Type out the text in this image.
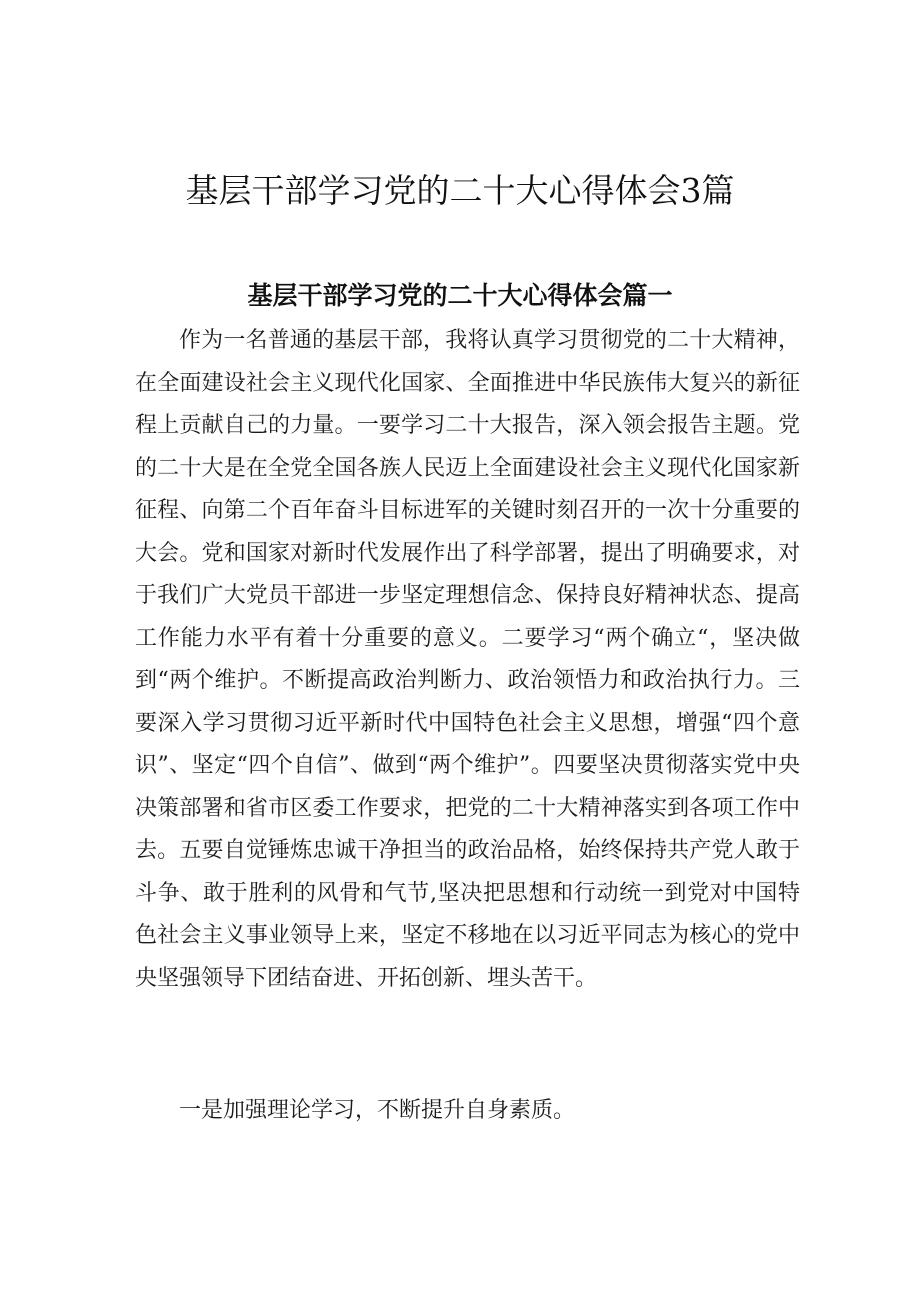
基层干部学习党的二十大心得体会3篇
基层干部学习党的二十大心得体会篇一

作为一名普通的基层干部，我将认真学习贯彻党的二十大精神，在全面建设社会主义现代化国家、全面推进中华民族伟大复兴的新征程上贡献自己的力量。一要学习二十大报告，深入领会报告主题。党的二十大是在全党全国各族人民迈上全面建设社会主义现代化国家新征程、向第二个百年奋斗目标进军的关键时刻召开的一次十分重要的大会。党和国家对新时代发展作出了科学部署，提出了明确要求，对于我们广大党员干部进一步坚定理想信念、保持良好精神状态、提高工作能力水平有着十分重要的意义。二要学习“两个确立“，坚决做到“两个维护。不断提高政治判断力、政治领悟力和政治执行力。三要深入学习贯彻习近平新时代中国特色社会主义思想，增强“四个意识”、坚定“四个自信”、做到“两个维护”。四要坚决贯彻落实党中央决策部署和省市区委工作要求，把党的二十大精神落实到各项工作中去。五要自觉锤炼忠诚干净担当的政治品格，始终保持共产党人敢于斗争、敢于胜利的风骨和气节,坚决把思想和行动统一到党对中国特色社会主义事业领导上来，坚定不移地在以习近平同志为核心的党中央坚强领导下团结奋进、开拓创新、埋头苦干。

一是加强理论学习，不断提升自身素质。
